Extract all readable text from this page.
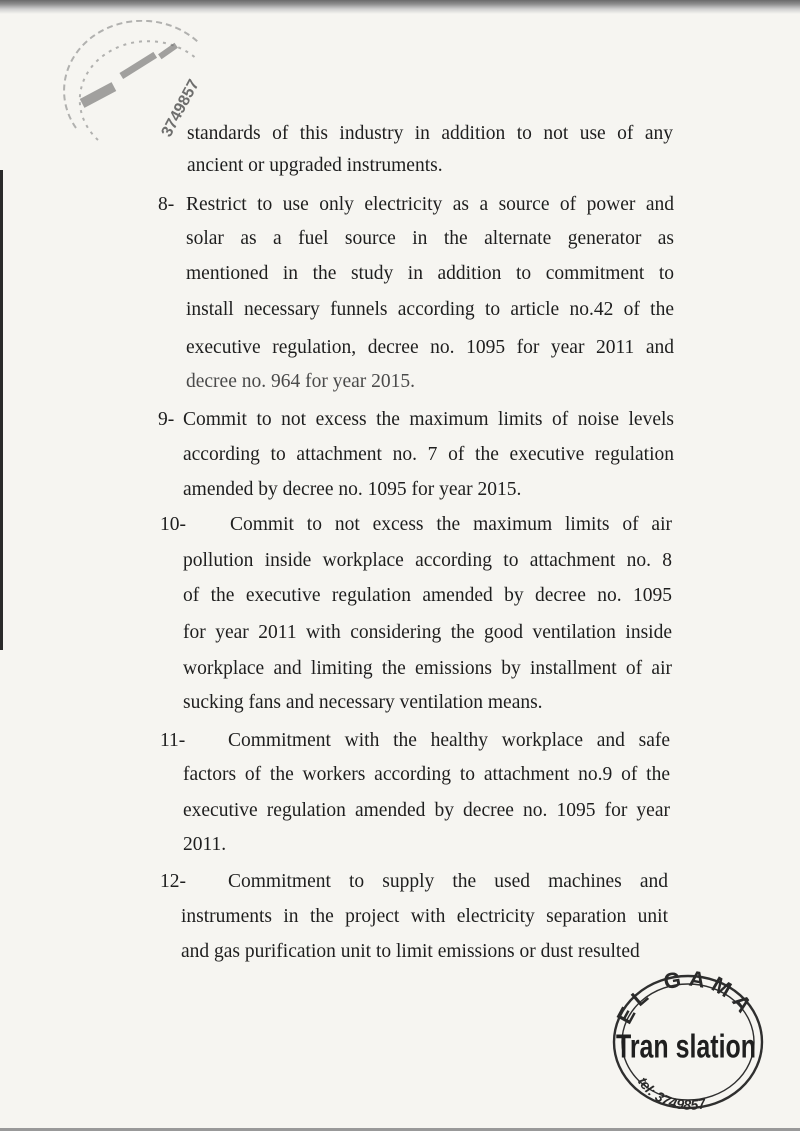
3749857
EL GAMA
Tran slation
tel: 3749857
standards of this industry in addition to not use of any
ancient or upgraded instruments.
8- Restrict to use only electricity as a source of power and
solar as a fuel source in the alternate generator as
mentioned in the study in addition to commitment to
install necessary funnels according to article no.42 of the
executive regulation, decree no. 1095 for year 2011 and
decree no. 964 for year 2015.
9- Commit to not excess the maximum limits of noise levels
according to attachment no. 7 of the executive regulation
amended by decree no. 1095 for year 2015.
10- Commit to not excess the maximum limits of air
pollution inside workplace according to attachment no. 8
of the executive regulation amended by decree no. 1095
for year 2011 with considering the good ventilation inside
workplace and limiting the emissions by installment of air
sucking fans and necessary ventilation means.
11- Commitment with the healthy workplace and safe
factors of the workers according to attachment no.9 of the
executive regulation amended by decree no. 1095 for year
2011.
12- Commitment to supply the used machines and
instruments in the project with electricity separation unit
and gas purification unit to limit emissions or dust resulted
